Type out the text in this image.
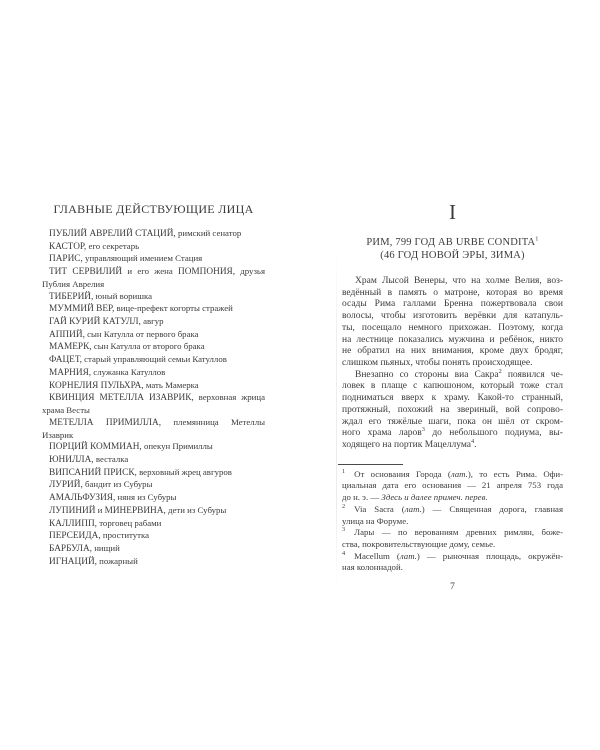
ГЛАВНЫЕ ДЕЙСТВУЮЩИЕ ЛИЦА
ПУБЛИЙ АВРЕЛИЙ СТАЦИЙ, римский сенатор
КАСТОР, его секретарь
ПАРИС, управляющий имением Стация
ТИТ СЕРВИЛИЙ и его жена ПОМПОНИЯ, друзья
Публия Аврелия
ТИБЕРИЙ, юный воришка
МУММИЙ ВЕР, вице-префект когорты стражей
ГАЙ КУРИЙ КАТУЛЛ, авгур
АППИЙ, сын Катулла от первого брака
МАМЕРК, сын Катулла от второго брака
ФАЦЕТ, старый управляющий семьи Катуллов
МАРНИЯ, служанка Катуллов
КОРНЕЛИЯ ПУЛЬХРА, мать Мамерка
КВИНЦИЯ МЕТЕЛЛА ИЗАВРИК, верховная жрица
храма Весты
МЕТЕЛЛА ПРИМИЛЛА, племянница Метеллы
Изаврик
ПОРЦИЙ КОММИАН, опекун Примиллы
ЮНИЛЛА, весталка
ВИПСАНИЙ ПРИСК, верховный жрец авгуров
ЛУРИЙ, бандит из Субуры
АМАЛЬФУЗИЯ, няня из Субуры
ЛУПИНИЙ и МИНЕРВИНА, дети из Субуры
КАЛЛИПП, торговец рабами
ПЕРСЕИДА, проститутка
БАРБУЛА, нищий
ИГНАЦИЙ, пожарный
I
РИМ, 799 ГОД AB URBE CONDITA$^1$
(46 ГОД НОВОЙ ЭРЫ, ЗИМА)
Храм Лысой Венеры, что на холме Велия, воз-
ведённый в память о матроне, которая во время
осады Рима галлами Бренна пожертвовала свои
волосы, чтобы изготовить верёвки для катапуль-
ты, посещало немного прихожан. Поэтому, когда
на лестнице показались мужчина и ребёнок, никто
не обратил на них внимания, кроме двух бродяг,
слишком пьяных, чтобы понять происходящее.
Внезапно со стороны виа Сакра$^2$ появился че-
ловек в плаще с капюшоном, который тоже стал
подниматься вверх к храму. Какой-то странный,
протяжный, похожий на звериный, вой сопрово-
ждал его тяжёлые шаги, пока он шёл от скром-
ного храма ларов$^3$ до небольшого подиума, вы-
ходящего на портик Мацеллума$^4$.
$^1$ От основания Города (лат.), то есть Рима. Офи-
циальная дата его основания — 21 апреля 753 года
до н. э. — Здесь и далее примеч. перев.
$^2$ Via Sacra (лат.) — Священная дорога, главная
улица на Форуме.
$^3$ Лары — по верованиям древних римлян, боже-
ства, покровительствующие дому, семье.
$^4$ Macellum (лат.) — рыночная площадь, окружён-
ная колоннадой.
7
